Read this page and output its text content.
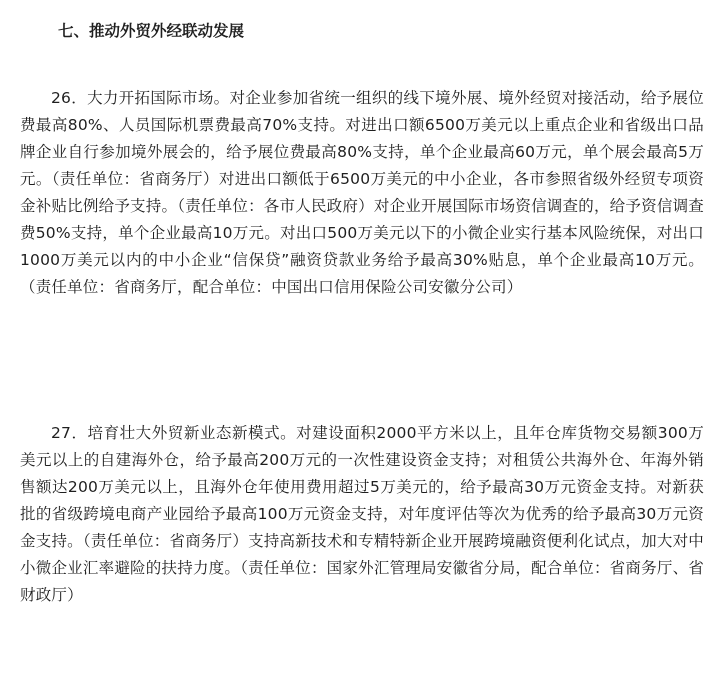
七、推动外贸外经联动发展
26．大力开拓国际市场。对企业参加省统一组织的线下境外展、境外经贸对接活动，给予展位费最高80%、人员国际机票费最高70%支持。对进出口额6500万美元以上重点企业和省级出口品牌企业自行参加境外展会的，给予展位费最高80%支持，单个企业最高60万元，单个展会最高5万元。（责任单位：省商务厅）对进出口额低于6500万美元的中小企业，各市参照省级外经贸专项资金补贴比例给予支持。（责任单位：各市人民政府）对企业开展国际市场资信调查的，给予资信调查费50%支持，单个企业最高10万元。对出口500万美元以下的小微企业实行基本风险统保，对出口1000万美元以内的中小企业“信保贷”融资贷款业务给予最高30%贴息，单个企业最高10万元。（责任单位：省商务厅，配合单位：中国出口信用保险公司安徽分公司）
27．培育壮大外贸新业态新模式。对建设面积2000平方米以上，且年仓库货物交易额300万美元以上的自建海外仓，给予最高200万元的一次性建设资金支持；对租赁公共海外仓、年海外销售额达200万美元以上，且海外仓年使用费用超过5万美元的，给予最高30万元资金支持。对新获批的省级跨境电商产业园给予最高100万元资金支持，对年度评估等次为优秀的给予最高30万元资金支持。（责任单位：省商务厅）支持高新技术和专精特新企业开展跨境融资便利化试点，加大对中小微企业汇率避险的扶持力度。（责任单位：国家外汇管理局安徽省分局，配合单位：省商务厅、省财政厅）
